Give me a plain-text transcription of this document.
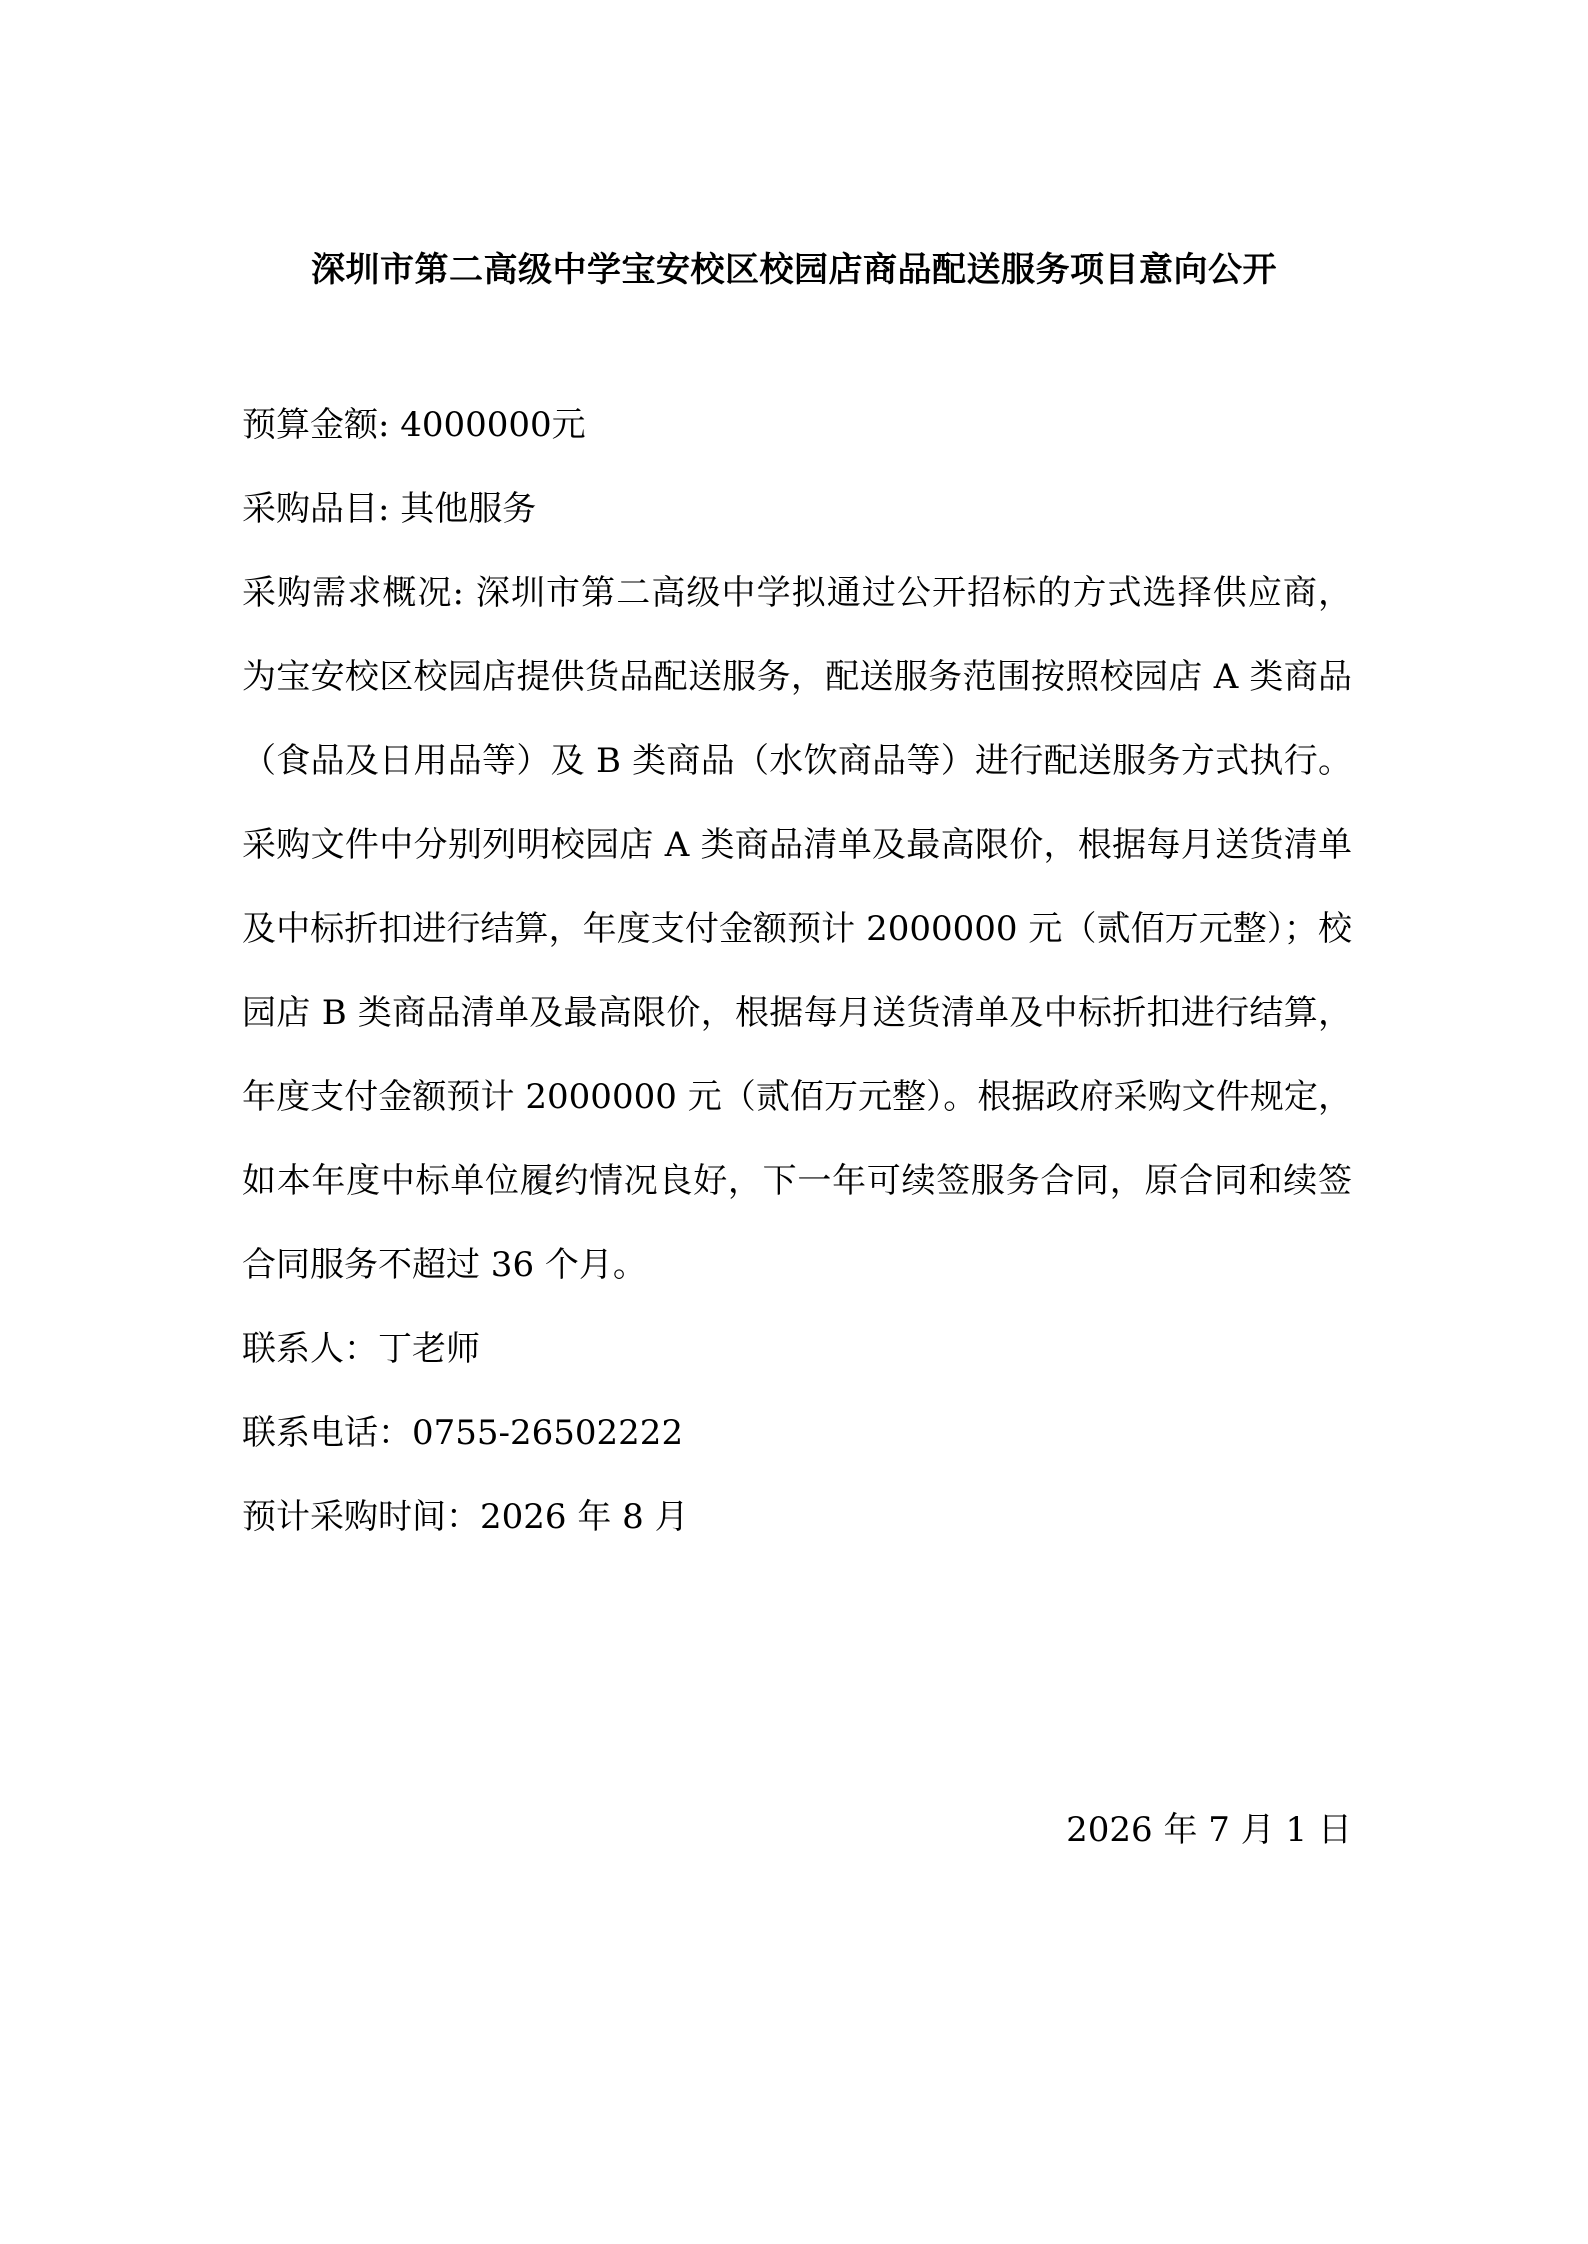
深圳市第二高级中学宝安校区校园店商品配送服务项目意向公开
预算金额: 4000000元
采购品目: 其他服务
采购需求概况: 深圳市第二高级中学拟通过公开招标的方式选择供应商，为宝安校区校园店提供货品配送服务，配送服务范围按照校园店 A 类商品（食品及日用品等）及 B 类商品（水饮商品等）进行配送服务方式执行。采购文件中分别列明校园店 A 类商品清单及最高限价，根据每月送货清单及中标折扣进行结算，年度支付金额预计 2000000 元（贰佰万元整）；校园店 B 类商品清单及最高限价，根据每月送货清单及中标折扣进行结算，年度支付金额预计 2000000 元（贰佰万元整）。根据政府采购文件规定，如本年度中标单位履约情况良好，下一年可续签服务合同，原合同和续签合同服务不超过 36 个月。
联系人：丁老师
联系电话：0755-26502222
预计采购时间：2026 年 8 月
2026 年 7 月 1 日
